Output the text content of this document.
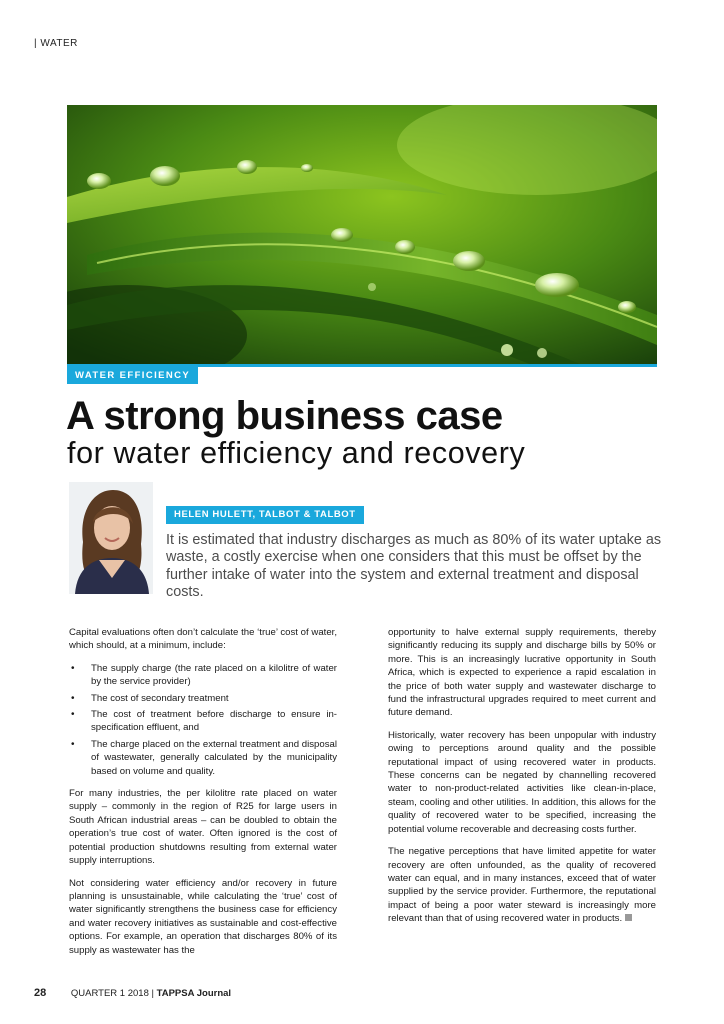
| WATER
WATER EFFICIENCY
A strong business case
for water efficiency and recovery
HELEN HULETT, TALBOT & TALBOT

It is estimated that industry discharges as much as 80% of its water uptake as waste, a costly exercise when one considers that this must be offset by the further intake of water into the system and external treatment and disposal costs.

Capital evaluations often don’t calculate the ‘true’ cost of water, which should, at a minimum, include:

• The supply charge (the rate placed on a kilolitre of water by the service provider)
• The cost of secondary treatment
• The cost of treatment before discharge to ensure in-specification effluent, and
• The charge placed on the external treatment and disposal of wastewater, generally calculated by the municipality based on volume and quality.

For many industries, the per kilolitre rate placed on water supply – commonly in the region of R25 for large users in South African industrial areas – can be doubled to obtain the operation’s true cost of water. Often ignored is the cost of potential production shutdowns resulting from external water supply interruptions.

Not considering water efficiency and/or recovery in future planning is unsustainable, while calculating the ‘true’ cost of water significantly strengthens the business case for efficiency and water recovery initiatives as sustainable and cost-effective options. For example, an operation that discharges 80% of its supply as wastewater has the

opportunity to halve external supply requirements, thereby significantly reducing its supply and discharge bills by 50% or more. This is an increasingly lucrative opportunity in South Africa, which is expected to experience a rapid escalation in the price of both water supply and wastewater discharge to fund the infrastructural upgrades required to meet current and future demand.

Historically, water recovery has been unpopular with industry owing to perceptions around quality and the possible reputational impact of using recovered water in products. These concerns can be negated by channelling recovered water to non-product-related activities like clean-in-place, steam, cooling and other utilities. In addition, this allows for the quality of recovered water to be specified, increasing the potential volume recoverable and decreasing costs further.

The negative perceptions that have limited appetite for water recovery are often unfounded, as the quality of recovered water can equal, and in many instances, exceed that of water supplied by the service provider. Furthermore, the reputational impact of being a poor water steward is increasingly more relevant than that of using recovered water in products.

28	QUARTER 1 2018 | TAPPSA Journal
